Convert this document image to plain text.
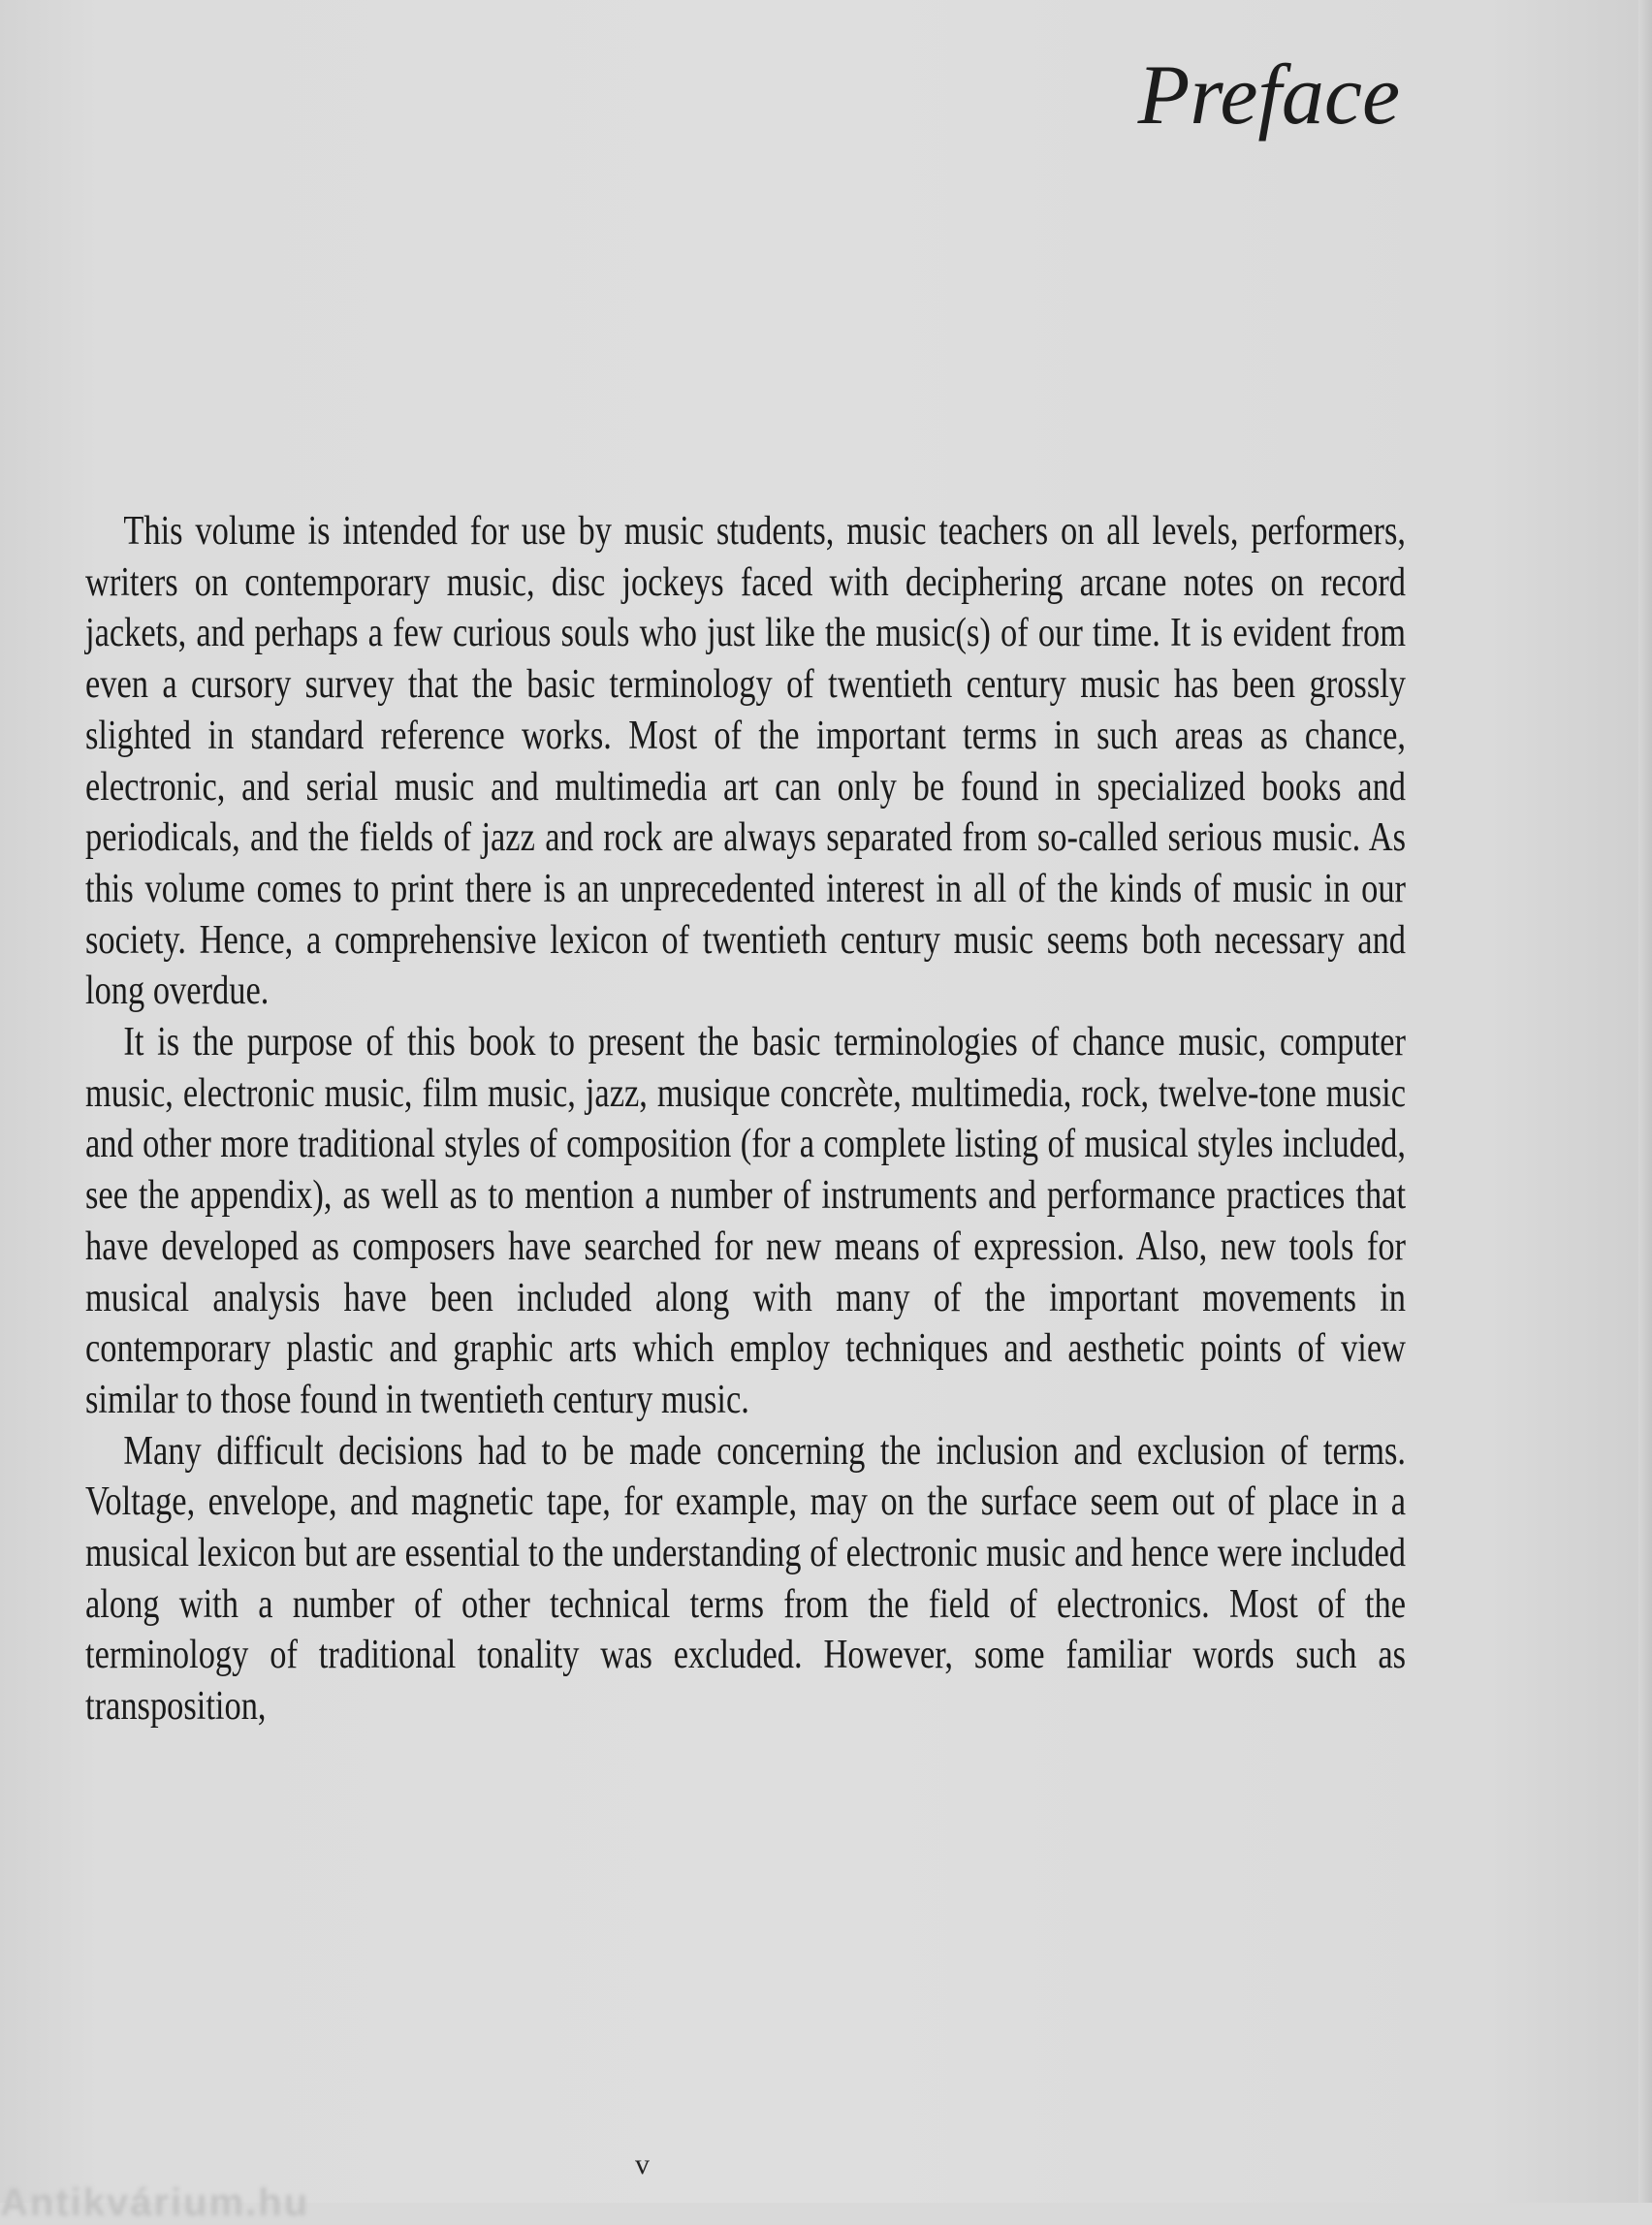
Preface

This volume is intended for use by music students, music teachers on all levels, performers, writers on contemporary music, disc jockeys faced with deciphering arcane notes on record jackets, and perhaps a few curious souls who just like the music(s) of our time. It is evident from even a cursory survey that the basic terminology of twentieth century music has been grossly slighted in standard reference works. Most of the important terms in such areas as chance, electronic, and serial music and multimedia art can only be found in specialized books and periodicals, and the fields of jazz and rock are always separated from so-called serious music. As this volume comes to print there is an unprecedented interest in all of the kinds of music in our society. Hence, a comprehensive lexicon of twentieth century music seems both necessary and long overdue.

It is the purpose of this book to present the basic terminologies of chance music, computer music, electronic music, film music, jazz, musique concrète, multimedia, rock, twelve-tone music and other more traditional styles of composition (for a complete listing of musical styles included, see the appendix), as well as to mention a number of instruments and performance practices that have developed as composers have searched for new means of expression. Also, new tools for musical analysis have been included along with many of the important movements in contemporary plastic and graphic arts which employ techniques and aesthetic points of view similar to those found in twentieth century music.

Many difficult decisions had to be made concerning the inclusion and exclusion of terms. Voltage, envelope, and magnetic tape, for example, may on the surface seem out of place in a musical lexicon but are essential to the understanding of electronic music and hence were included along with a number of other technical terms from the field of electronics. Most of the terminology of traditional tonality was excluded. However, some familiar words such as transposition,

v
Antikvárium.hu
